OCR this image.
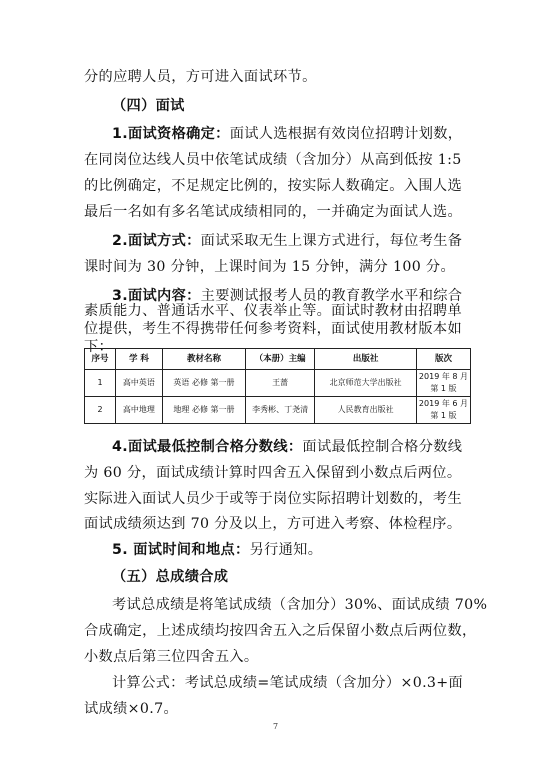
分的应聘人员，方可进入面试环节。

（四）面试

1.面试资格确定：面试人选根据有效岗位招聘计划数，

在同岗位达线人员中依笔试成绩（含加分）从高到低按 1:5

的比例确定，不足规定比例的，按实际人数确定。入围人选

最后一名如有多名笔试成绩相同的，一并确定为面试人选。

2.面试方式：面试采取无生上课方式进行，每位考生备

课时间为 30 分钟，上课时间为 15 分钟，满分 100 分。

3.面试内容：主要测试报考人员的教育教学水平和综合

素质能力、普通话水平、仪表举止等。面试时教材由招聘单

位提供，考生不得携带任何参考资料，面试使用教材版本如

下：

序号	学 科	教材名称	（本册）主编	出版社	版次
1	高中英语	英语 必修 第一册	王蔷	北京师范大学出版社	2019 年 8 月
第 1 版

2	高中地理	地理 必修 第一册	李秀彬、丁尧清	人民教育出版社	2019 年 6 月
第 1 版

4.面试最低控制合格分数线：面试最低控制合格分数线

为 60 分，面试成绩计算时四舍五入保留到小数点后两位。

实际进入面试人员少于或等于岗位实际招聘计划数的，考生

面试成绩须达到 70 分及以上，方可进入考察、体检程序。

5. 面试时间和地点：另行通知。

（五）总成绩合成

考试总成绩是将笔试成绩（含加分）30%、面试成绩 70%

合成确定，上述成绩均按四舍五入之后保留小数点后两位数，

小数点后第三位四舍五入。

计算公式：考试总成绩=笔试成绩（含加分）×0.3+面

试成绩×0.7。

7
